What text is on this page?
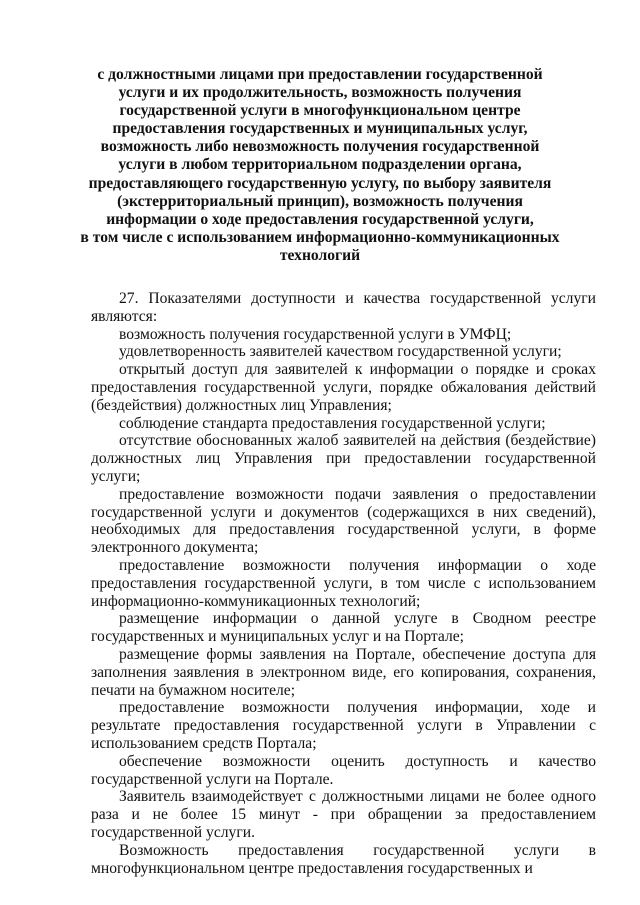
с должностными лицами при предоставлении государственной
услуги и их продолжительность, возможность получения
государственной услуги в многофункциональном центре
предоставления государственных и муниципальных услуг,
возможность либо невозможность получения государственной
услуги в любом территориальном подразделении органа,
предоставляющего государственную услугу, по выбору заявителя
(экстерриториальный принцип), возможность получения
информации о ходе предоставления государственной услуги,
в том числе с использованием информационно-коммуникационных
технологий

27. Показателями доступности и качества государственной услуги являются:

возможность получения государственной услуги в УМФЦ;

удовлетворенность заявителей качеством государственной услуги;

открытый доступ для заявителей к информации о порядке и сроках предоставления государственной услуги, порядке обжалования действий (бездействия) должностных лиц Управления;

соблюдение стандарта предоставления государственной услуги;

отсутствие обоснованных жалоб заявителей на действия (бездействие) должностных лиц Управления при предоставлении государственной услуги;

предоставление возможности подачи заявления о предоставлении государственной услуги и документов (содержащихся в них сведений), необходимых для предоставления государственной услуги, в форме электронного документа;

предоставление возможности получения информации о ходе предоставления государственной услуги, в том числе с использованием информационно-коммуникационных технологий;

размещение информации о данной услуге в Сводном реестре государственных и муниципальных услуг и на Портале;

размещение формы заявления на Портале, обеспечение доступа для заполнения заявления в электронном виде, его копирования, сохранения, печати на бумажном носителе;

предоставление возможности получения информации, ходе и результате предоставления государственной услуги в Управлении с использованием средств Портала;

обеспечение возможности оценить доступность и качество государственной услуги на Портале.

Заявитель взаимодействует с должностными лицами не более одного раза и не более 15 минут - при обращении за предоставлением государственной услуги.

Возможность предоставления государственной услуги в многофункциональном центре предоставления государственных и
